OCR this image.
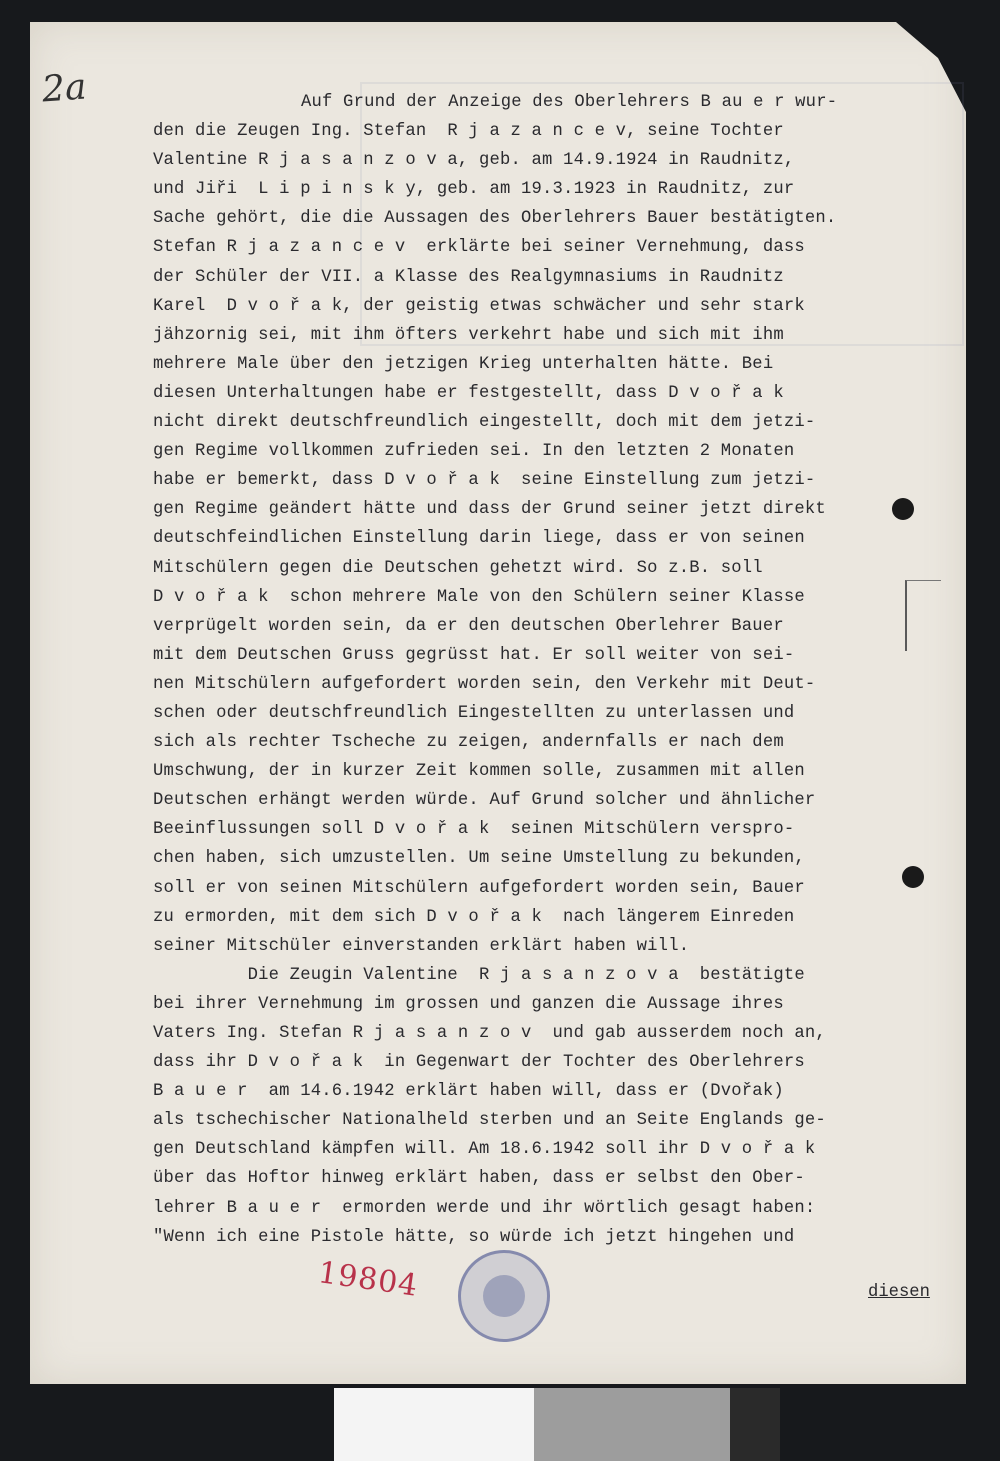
2a	Auf Grund der Anzeige des Oberlehrers B au e r wur-
den die Zeugen Ing. Stefan  R j a z a n c e v, seine Tochter
Valentine R j a s a n z o v a, geb. am 14.9.1924 in Raudnitz,
und Jiři  L i p i n s k y, geb. am 19.3.1923 in Raudnitz, zur
Sache gehört, die die Aussagen des Oberlehrers Bauer bestätigten.
Stefan R j a z a n c e v  erklärte bei seiner Vernehmung, dass
der Schüler der VII. a Klasse des Realgymnasiums in Raudnitz
Karel  D v o ř a k, der geistig etwas schwächer und sehr stark
jähzornig sei, mit ihm öfters verkehrt habe und sich mit ihm
mehrere Male über den jetzigen Krieg unterhalten hätte. Bei
diesen Unterhaltungen habe er festgestellt, dass D v o ř a k
nicht direkt deutschfreundlich eingestellt, doch mit dem jetzi-
gen Regime vollkommen zufrieden sei. In den letzten 2 Monaten
habe er bemerkt, dass D v o ř a k  seine Einstellung zum jetzi-
gen Regime geändert hätte und dass der Grund seiner jetzt direkt
deutschfeindlichen Einstellung darin liege, dass er von seinen
Mitschülern gegen die Deutschen gehetzt wird. So z.B. soll
D v o ř a k  schon mehrere Male von den Schülern seiner Klasse
verprügelt worden sein, da er den deutschen Oberlehrer Bauer
mit dem Deutschen Gruss gegrüsst hat. Er soll weiter von sei-
nen Mitschülern aufgefordert worden sein, den Verkehr mit Deut-
schen oder deutschfreundlich Eingestellten zu unterlassen und
sich als rechter Tscheche zu zeigen, andernfalls er nach dem
Umschwung, der in kurzer Zeit kommen solle, zusammen mit allen
Deutschen erhängt werden würde. Auf Grund solcher und ähnlicher
Beeinflussungen soll D v o ř a k  seinen Mitschülern verspro-
chen haben, sich umzustellen. Um seine Umstellung zu bekunden,
soll er von seinen Mitschülern aufgefordert worden sein, Bauer
zu ermorden, mit dem sich D v o ř a k  nach längerem Einreden
seiner Mitschüler einverstanden erklärt haben will.
Die Zeugin Valentine  R j a s a n z o v a  bestätigte
bei ihrer Vernehmung im grossen und ganzen die Aussage ihres
Vaters Ing. Stefan R j a s a n z o v  und gab ausserdem noch an,
dass ihr D v o ř a k  in Gegenwart der Tochter des Oberlehrers
B a u e r  am 14.6.1942 erklärt haben will, dass er (Dvořak)
als tschechischer Nationalheld sterben und an Seite Englands ge-
gen Deutschland kämpfen will. Am 18.6.1942 soll ihr D v o ř a k
über das Hoftor hinweg erklärt haben, dass er selbst den Ober-
lehrer B a u e r  ermorden werde und ihr wörtlich gesagt haben:
"Wenn ich eine Pistole hätte, so würde ich jetzt hingehen und
19804	diesen
